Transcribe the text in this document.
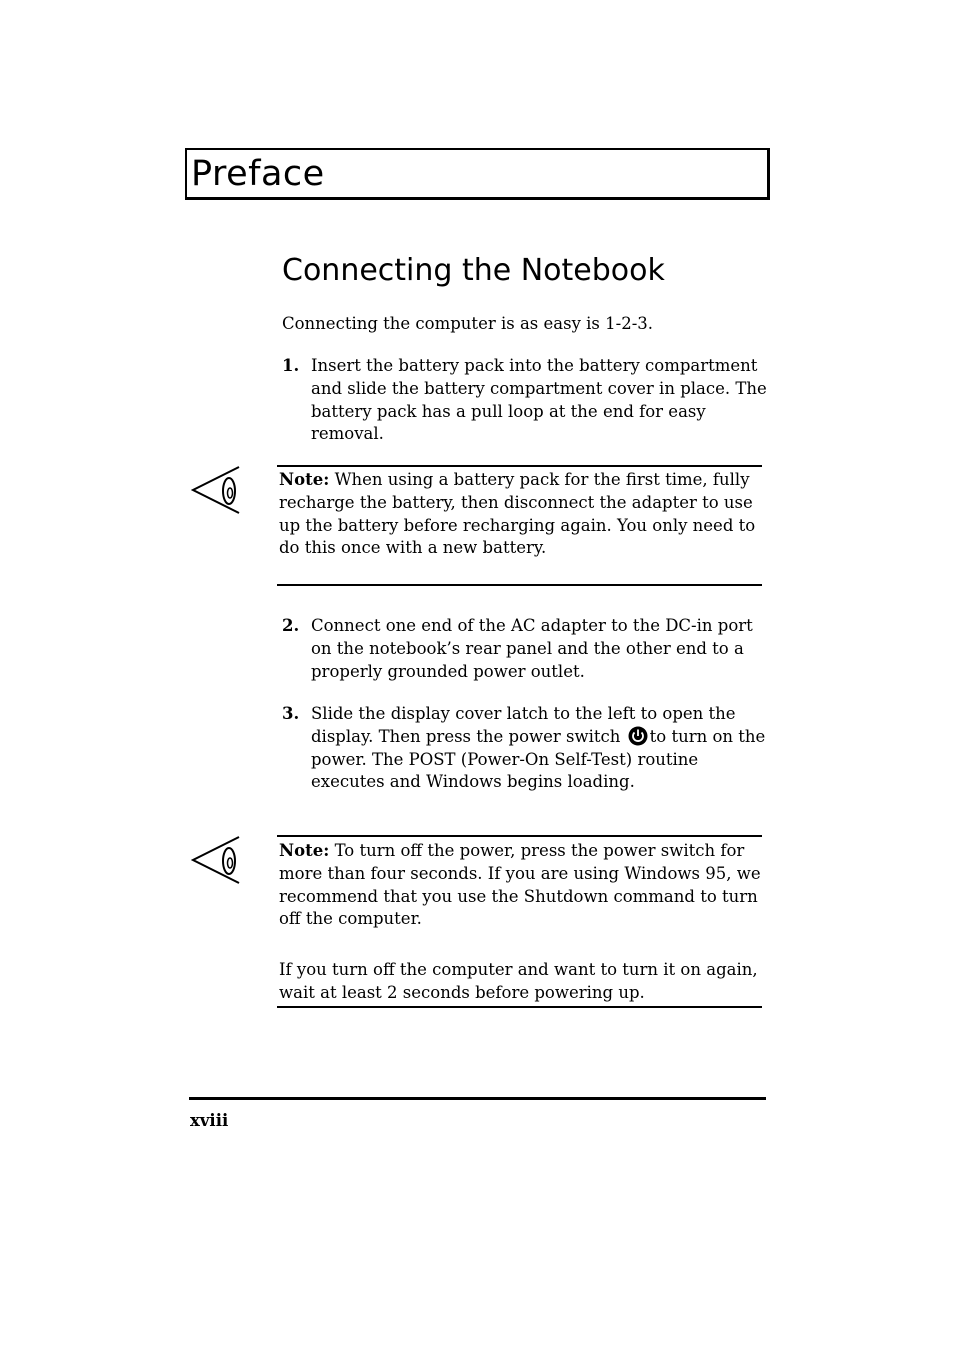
Preface
Connecting the Notebook

Connecting the computer is as easy is 1-2-3.

1. Insert the battery pack into the battery compartment and slide the battery compartment cover in place. The battery pack has a pull loop at the end for easy removal.
Note: When using a battery pack for the first time, fully recharge the battery, then disconnect the adapter to use up the battery before recharging again. You only need to do this once with a new battery.
2. Connect one end of the AC adapter to the DC-in port on the notebook’s rear panel and the other end to a properly grounded power outlet.
3. Slide the display cover latch to the left to open the display. Then press the power switch to turn on the power. The POST (Power-On Self-Test) routine executes and Windows begins loading.
Note: To turn off the power, press the power switch for more than four seconds. If you are using Windows 95, we recommend that you use the Shutdown command to turn off the computer.
If you turn off the computer and want to turn it on again, wait at least 2 seconds before powering up.
xviii
